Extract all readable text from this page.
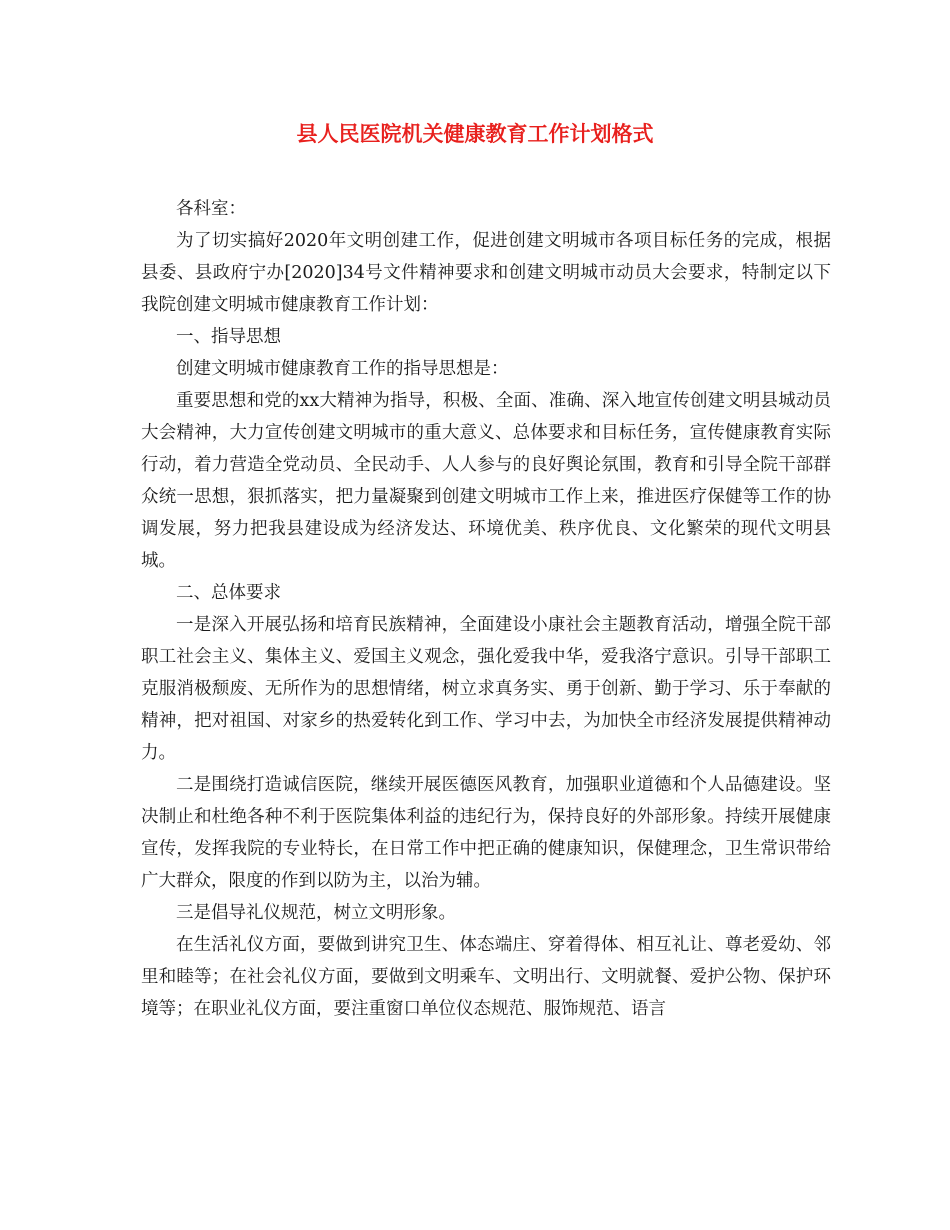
县人民医院机关健康教育工作计划格式

各科室：

为了切实搞好2020年文明创建工作，促进创建文明城市各项目标任务的完成，根据县委、县政府宁办[2020]34号文件精神要求和创建文明城市动员大会要求，特制定以下我院创建文明城市健康教育工作计划：

一、指导思想

创建文明城市健康教育工作的指导思想是：

重要思想和党的xx大精神为指导，积极、全面、准确、深入地宣传创建文明县城动员大会精神，大力宣传创建文明城市的重大意义、总体要求和目标任务，宣传健康教育实际行动，着力营造全党动员、全民动手、人人参与的良好舆论氛围，教育和引导全院干部群众统一思想，狠抓落实，把力量凝聚到创建文明城市工作上来，推进医疗保健等工作的协调发展，努力把我县建设成为经济发达、环境优美、秩序优良、文化繁荣的现代文明县城。

二、总体要求

一是深入开展弘扬和培育民族精神，全面建设小康社会主题教育活动，增强全院干部职工社会主义、集体主义、爱国主义观念，强化爱我中华，爱我洛宁意识。引导干部职工克服消极颓废、无所作为的思想情绪，树立求真务实、勇于创新、勤于学习、乐于奉献的精神，把对祖国、对家乡的热爱转化到工作、学习中去，为加快全市经济发展提供精神动力。

二是围绕打造诚信医院，继续开展医德医风教育，加强职业道德和个人品德建设。坚决制止和杜绝各种不利于医院集体利益的违纪行为，保持良好的外部形象。持续开展健康宣传，发挥我院的专业特长，在日常工作中把正确的健康知识，保健理念，卫生常识带给广大群众，限度的作到以防为主，以治为辅。

三是倡导礼仪规范，树立文明形象。

在生活礼仪方面，要做到讲究卫生、体态端庄、穿着得体、相互礼让、尊老爱幼、邻里和睦等；在社会礼仪方面，要做到文明乘车、文明出行、文明就餐、爱护公物、保护环境等；在职业礼仪方面，要注重窗口单位仪态规范、服饰规范、语言
